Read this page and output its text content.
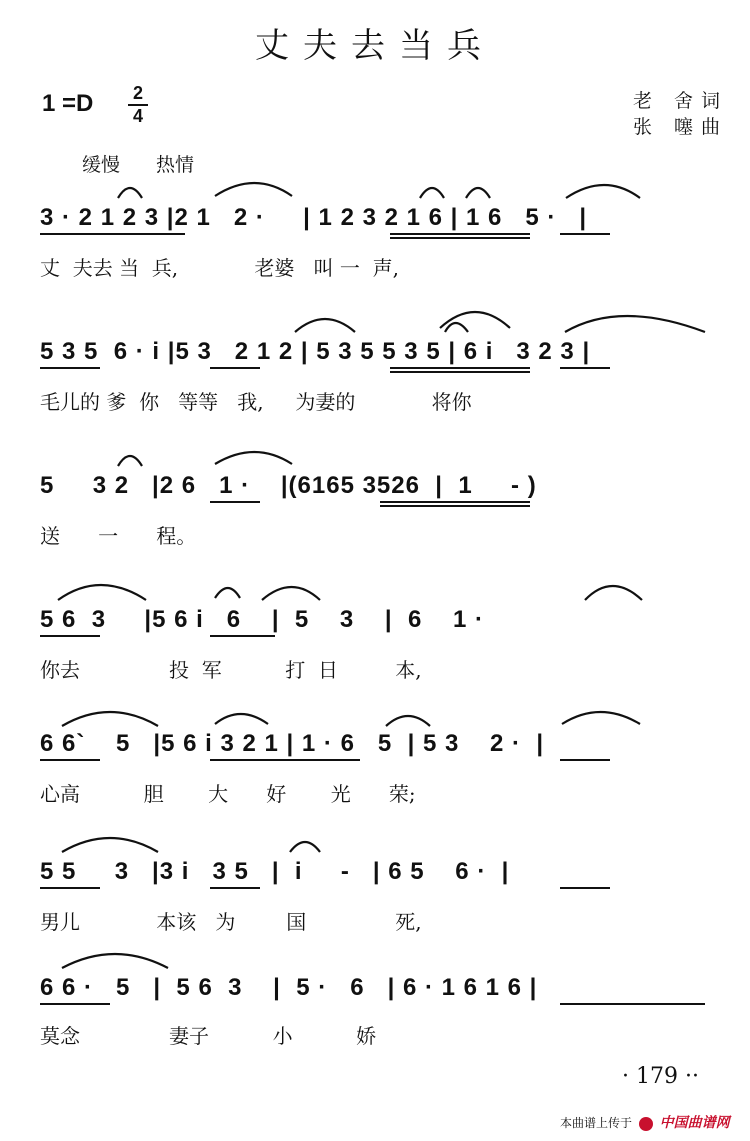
丈夫去当兵
1 =D 2
4
老 舍词
张 噻曲
缓慢 热情
3 · 2 1 2 3 |2 1   2 ·     | 1 2 3 2 1 6 | 1 6   5 ·   |
丈  夫去 当  兵,            老婆   叫 一  声,
5 3 5  6 · i |5 3   2 1 2 | 5 3 5 5 3 5 | 6 i   3 2 3 |
毛儿的 爹  你   等等   我,     为妻的            将你
5     3 2   |2 6   1 ·    |(6165 3526  |  1     - )
送      一      程。
5 6  3     |5 6 i   6    |  5    3    |  6    1 ·
你去              投  军          打  日         本,
6 6`    5   |5 6 i 3 2 1 | 1 · 6   5  | 5 3    2 ·  |
心高          胆       大      好       光      荣;
5 5     3   |3 i   3 5   |  i     -   | 6 5    6 ·  |
男儿            本该   为        国              死,
6 6 ·   5   |  5 6  3    |  5 ·   6   | 6 · 1 6 1 6 |
莫念              妻子          小          娇
· 179 ··
本曲谱上传于 中国曲谱网
